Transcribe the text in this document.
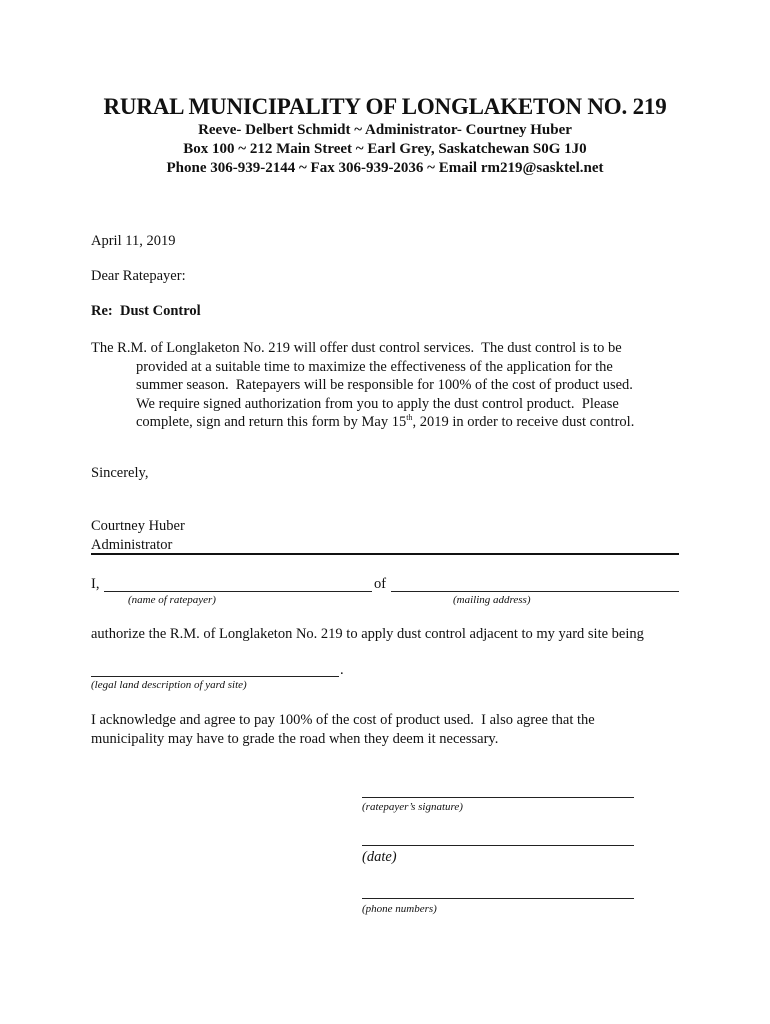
RURAL MUNICIPALITY OF LONGLAKETON NO. 219
Reeve- Delbert Schmidt ~ Administrator- Courtney Huber
Box 100 ~ 212 Main Street ~ Earl Grey, Saskatchewan S0G 1J0
Phone 306-939-2144 ~ Fax 306-939-2036 ~ Email rm219@sasktel.net
April 11, 2019
Dear Ratepayer:
Re:  Dust Control
The R.M. of Longlaketon No. 219 will offer dust control services.  The dust control is to be
provided at a suitable time to maximize the effectiveness of the application for the
summer season.  Ratepayers will be responsible for 100% of the cost of product used.
We require signed authorization from you to apply the dust control product.  Please
complete, sign and return this form by May 15th, 2019 in order to receive dust control.
Sincerely,
Courtney Huber
Administrator
I,	of
(name of ratepayer)	(mailing address)
authorize the R.M. of Longlaketon No. 219 to apply dust control adjacent to my yard site being
.
(legal land description of yard site)
I acknowledge and agree to pay 100% of the cost of product used.  I also agree that the
municipality may have to grade the road when they deem it necessary.
(ratepayer’s signature)
(date)
(phone numbers)
